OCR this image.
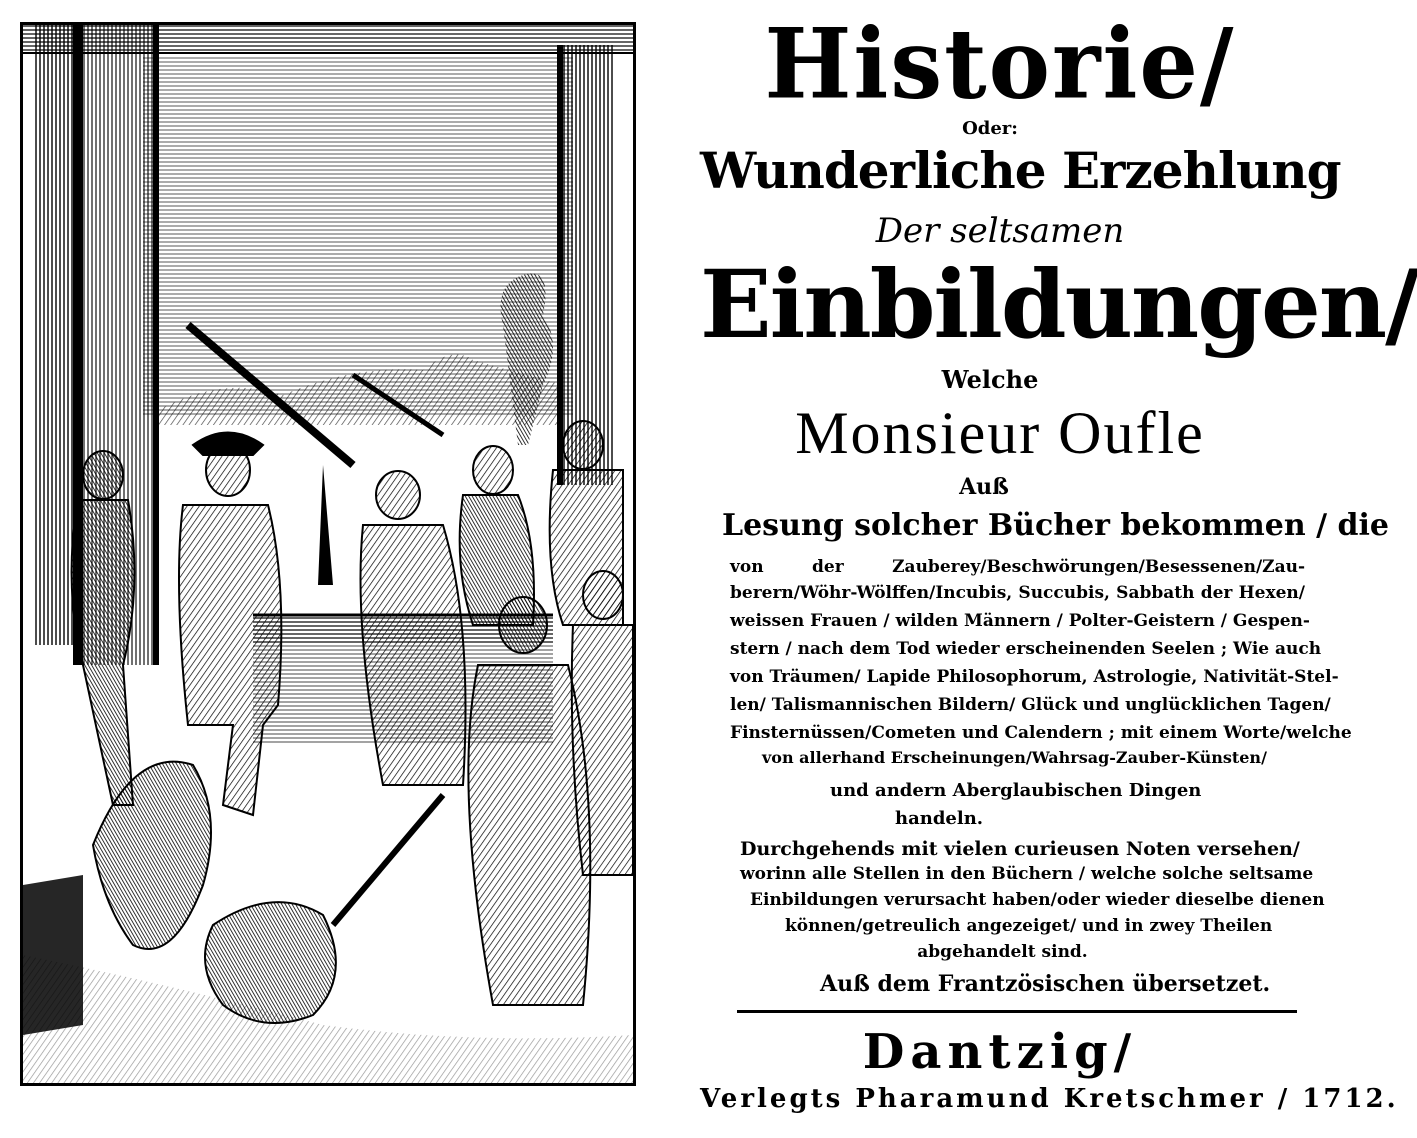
Historie/
Oder:
Wunderliche Erzehlung
Der seltsamen
Einbildungen/
Welche
Monsieur Oufle
Auß
Lesung solcher Bücher bekommen / die
von der Zauberey/Beschwörungen/Besessenen/Zau-
berern/Wöhr-Wölffen/Incubis, Succubis, Sabbath der Hexen/
weissen Frauen / wilden Männern / Polter-Geistern / Gespen-
stern / nach dem Tod wieder erscheinenden Seelen ; Wie auch
von Träumen/ Lapide Philosophorum, Astrologie, Nativität-Stel-
len/ Talismannischen Bildern/ Glück und unglücklichen Tagen/
Finsternüssen/Cometen und Calendern ; mit einem Worte/welche
von allerhand Erscheinungen/Wahrsag-Zauber-Künsten/
und andern Aberglaubischen Dingen
handeln.
Durchgehends mit vielen curieusen Noten versehen/
worinn alle Stellen in den Büchern / welche solche seltsame
Einbildungen verursacht haben/oder wieder dieselbe dienen
können/getreulich angezeiget/ und in zwey Theilen
abgehandelt sind.
Auß dem Frantzösischen übersetzet.
Dantzig/
Verlegts Pharamund Kretschmer / 1712.
